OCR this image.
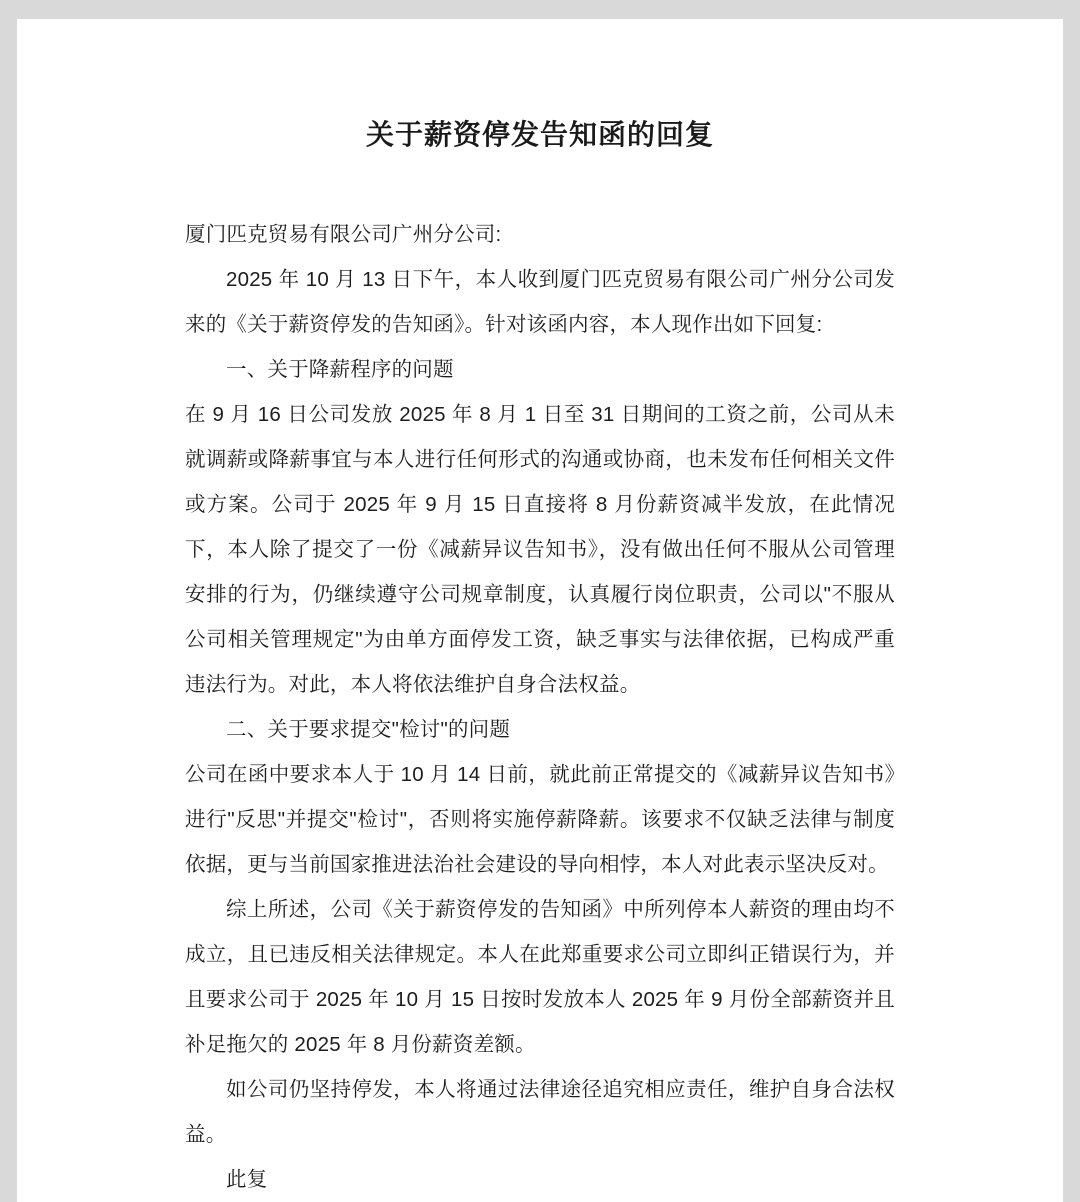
关于薪资停发告知函的回复

厦门匹克贸易有限公司广州分公司:

2025 年 10 月 13 日下午，本人收到厦门匹克贸易有限公司广州分公司发来的《关于薪资停发的告知函》。针对该函内容，本人现作出如下回复:

一、关于降薪程序的问题

在 9 月 16 日公司发放 2025 年 8 月 1 日至 31 日期间的工资之前，公司从未就调薪或降薪事宜与本人进行任何形式的沟通或协商，也未发布任何相关文件或方案。公司于 2025 年 9 月 15 日直接将 8 月份薪资减半发放，在此情况下，本人除了提交了一份《减薪异议告知书》，没有做出任何不服从公司管理安排的行为，仍继续遵守公司规章制度，认真履行岗位职责，公司以"不服从公司相关管理规定"为由单方面停发工资，缺乏事实与法律依据，已构成严重违法行为。对此，本人将依法维护自身合法权益。

二、关于要求提交"检讨"的问题

公司在函中要求本人于 10 月 14 日前，就此前正常提交的《减薪异议告知书》进行"反思"并提交"检讨"，否则将实施停薪降薪。该要求不仅缺乏法律与制度依据，更与当前国家推进法治社会建设的导向相悖，本人对此表示坚决反对。

综上所述，公司《关于薪资停发的告知函》中所列停本人薪资的理由均不成立，且已违反相关法律规定。本人在此郑重要求公司立即纠正错误行为，并且要求公司于 2025 年 10 月 15 日按时发放本人 2025 年 9 月份全部薪资并且补足拖欠的 2025 年 8 月份薪资差额。

如公司仍坚持停发，本人将通过法律途径追究相应责任，维护自身合法权益。

此复
